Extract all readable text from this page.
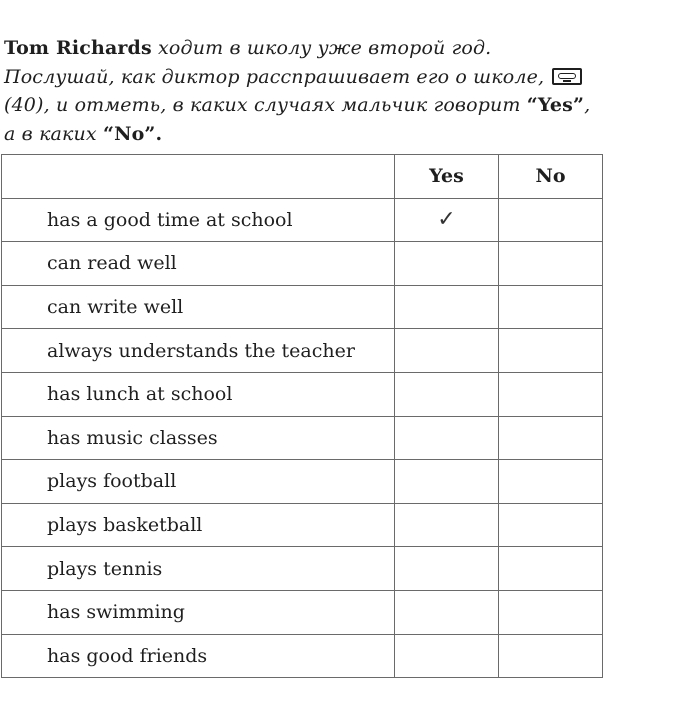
Tom Richards ходит в школу уже второй год. Послушай, как диктор расспрашивает его о школе,  (40), и отметь, в каких случаях мальчик говорит “Yes”, а в каких “No”.

	Yes	No
has a good time at school	✓	
can read well		
can write well		
always understands the teacher		
has lunch at school		
has music classes		
plays football		
plays basketball		
plays tennis		
has swimming		
has good friends		
